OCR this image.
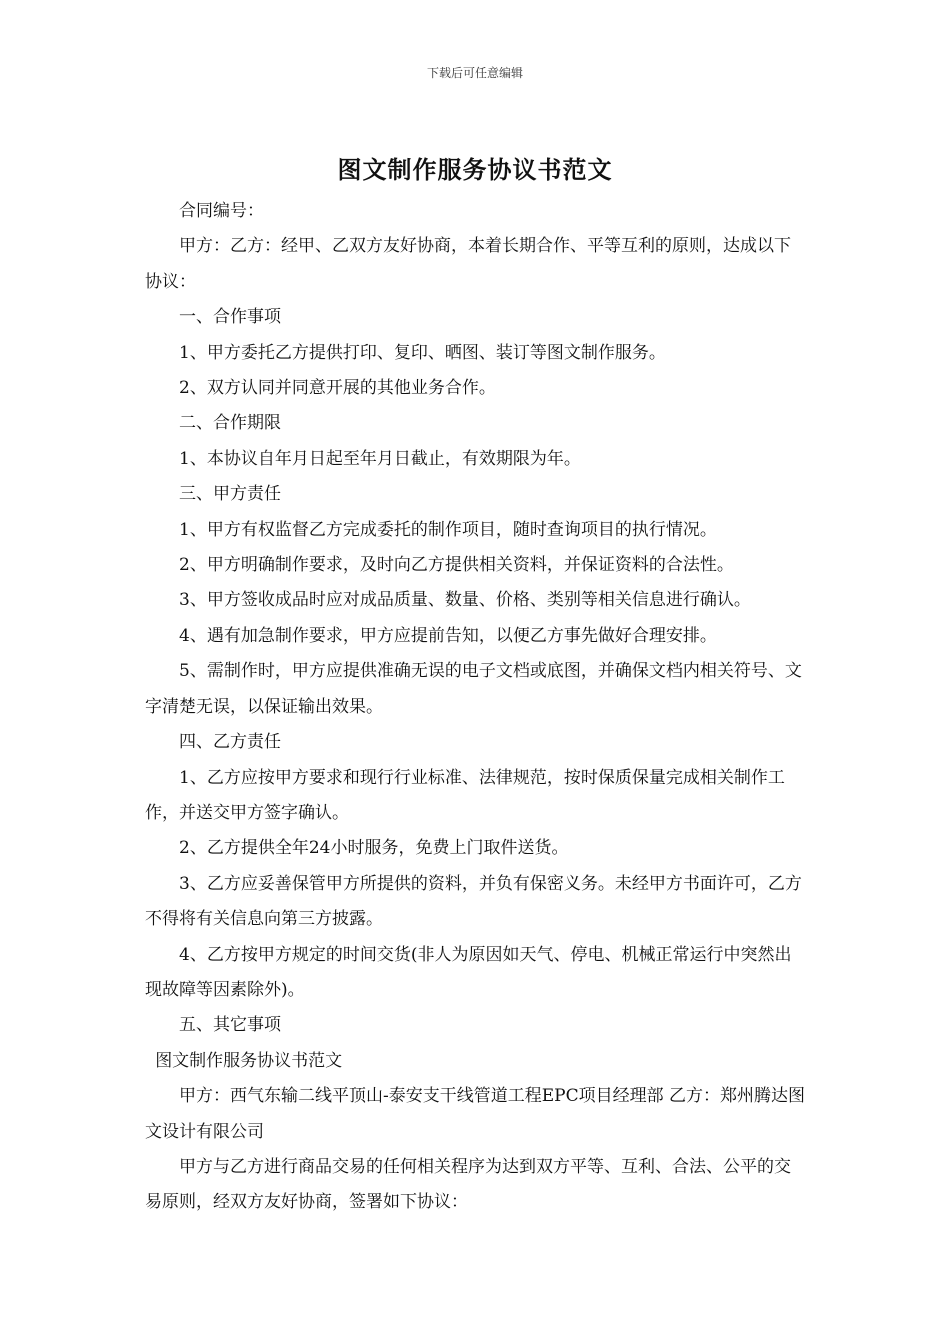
下载后可任意编辑
图文制作服务协议书范文

合同编号：

甲方：乙方：经甲、乙双方友好协商，本着长期合作、平等互利的原则，达成以下协议：

一、合作事项

1、甲方委托乙方提供打印、复印、晒图、装订等图文制作服务。

2、双方认同并同意开展的其他业务合作。

二、合作期限

1、本协议自年月日起至年月日截止，有效期限为年。

三、甲方责任

1、甲方有权监督乙方完成委托的制作项目，随时查询项目的执行情况。

2、甲方明确制作要求，及时向乙方提供相关资料，并保证资料的合法性。

3、甲方签收成品时应对成品质量、数量、价格、类别等相关信息进行确认。

4、遇有加急制作要求，甲方应提前告知，以便乙方事先做好合理安排。

5、需制作时，甲方应提供准确无误的电子文档或底图，并确保文档内相关符号、文字清楚无误，以保证输出效果。

四、乙方责任

1、乙方应按甲方要求和现行行业标准、法律规范，按时保质保量完成相关制作工作，并送交甲方签字确认。

2、乙方提供全年24小时服务，免费上门取件送货。

3、乙方应妥善保管甲方所提供的资料，并负有保密义务。未经甲方书面许可，乙方不得将有关信息向第三方披露。

4、乙方按甲方规定的时间交货(非人为原因如天气、停电、机械正常运行中突然出现故障等因素除外)。

五、其它事项

图文制作服务协议书范文

甲方：西气东输二线平顶山-泰安支干线管道工程EPC项目经理部 乙方：郑州腾达图文设计有限公司

甲方与乙方进行商品交易的任何相关程序为达到双方平等、互利、合法、公平的交易原则，经双方友好协商，签署如下协议：
